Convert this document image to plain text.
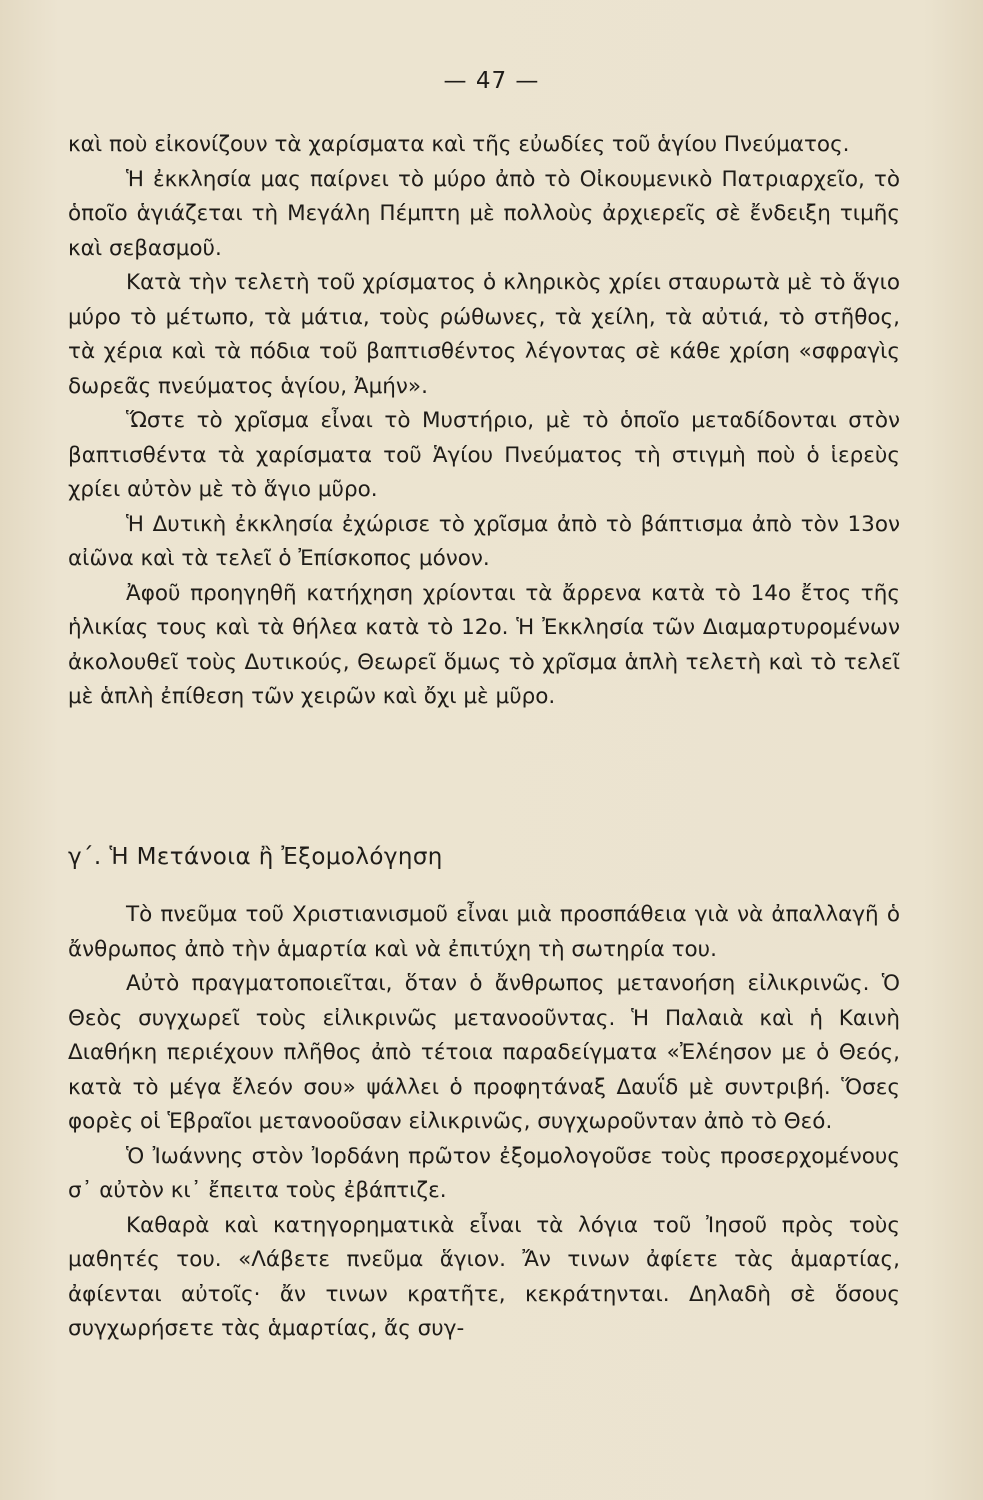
— 47 —

καὶ ποὺ εἰκονίζουν τὰ χαρίσματα καὶ τῆς εὐωδίες τοῦ ἁγίου Πνεύματος.

Ἡ ἐκκλησία μας παίρνει τὸ μύρο ἀπὸ τὸ Οἰκουμενικὸ Πατριαρχεῖο, τὸ ὁποῖο ἁγιάζεται τὴ Μεγάλη Πέμπτη μὲ πολλοὺς ἀρχιερεῖς σὲ ἔνδειξη τιμῆς καὶ σεβασμοῦ.

Κατὰ τὴν τελετὴ τοῦ χρίσματος ὁ κληρικὸς χρίει σταυρωτὰ μὲ τὸ ἅγιο μύρο τὸ μέτωπο, τὰ μάτια, τοὺς ρώθωνες, τὰ χείλη, τὰ αὐτιά, τὸ στῆθος, τὰ χέρια καὶ τὰ πόδια τοῦ βαπτισθέντος λέγοντας σὲ κάθε χρίση «σφραγὶς δωρεᾶς πνεύματος ἁγίου, Ἀμήν».

Ὥστε τὸ χρῖσμα εἶναι τὸ Μυστήριο, μὲ τὸ ὁποῖο μεταδίδονται στὸν βαπτισθέντα τὰ χαρίσματα τοῦ Ἁγίου Πνεύματος τὴ στιγμὴ ποὺ ὁ ἱερεὺς χρίει αὐτὸν μὲ τὸ ἅγιο μῦρο.

Ἡ Δυτικὴ ἐκκλησία ἐχώρισε τὸ χρῖσμα ἀπὸ τὸ βάπτισμα ἀπὸ τὸν 13ον αἰῶνα καὶ τὰ τελεῖ ὁ Ἐπίσκοπος μόνον.

Ἀφοῦ προηγηθῆ κατήχηση χρίονται τὰ ἄρρενα κατὰ τὸ 14ο ἔτος τῆς ἡλικίας τους καὶ τὰ θήλεα κατὰ τὸ 12ο. Ἡ Ἐκκλησία τῶν Διαμαρτυρομένων ἀκολουθεῖ τοὺς Δυτικούς, Θεωρεῖ ὅμως τὸ χρῖσμα ἁπλὴ τελετὴ καὶ τὸ τελεῖ μὲ ἁπλὴ ἐπίθεση τῶν χειρῶν καὶ ὄχι μὲ μῦρο.

γ΄. Ἡ Μετάνοια ἢ Ἐξομολόγηση

Τὸ πνεῦμα τοῦ Χριστιανισμοῦ εἶναι μιὰ προσπάθεια γιὰ νὰ ἀπαλλαγῆ ὁ ἄνθρωπος ἀπὸ τὴν ἁμαρτία καὶ νὰ ἐπιτύχη τὴ σωτηρία του.

Αὐτὸ πραγματοποιεῖται, ὅταν ὁ ἄνθρωπος μετανοήση εἰλικρινῶς. Ὁ Θεὸς συγχωρεῖ τοὺς εἰλικρινῶς μετανοοῦντας. Ἡ Παλαιὰ καὶ ἡ Καινὴ Διαθήκη περιέχουν πλῆθος ἀπὸ τέτοια παραδείγματα «Ἐλέησον με ὁ Θεός, κατὰ τὸ μέγα ἔλεόν σου» ψάλλει ὁ προφητάναξ Δαυΐδ μὲ συντριβή. Ὅσες φορὲς οἱ Ἑβραῖοι μετανοοῦσαν εἰλικρινῶς, συγχωροῦνταν ἀπὸ τὸ Θεό.

Ὁ Ἰωάννης στὸν Ἰορδάνη πρῶτον ἐξομολογοῦσε τοὺς προσερχομένους σ᾽ αὐτὸν κι᾽ ἔπειτα τοὺς ἐβάπτιζε.

Καθαρὰ καὶ κατηγορηματικὰ εἶναι τὰ λόγια τοῦ Ἰησοῦ πρὸς τοὺς μαθητές του. «Λάβετε πνεῦμα ἅγιον. Ἄν τινων ἀφίετε τὰς ἁμαρτίας, ἀφίενται αὐτοῖς· ἄν τινων κρατῆτε, κεκράτηνται. Δηλαδὴ σὲ ὅσους συγχωρήσετε τὰς ἁμαρτίας, ἄς συγ-
